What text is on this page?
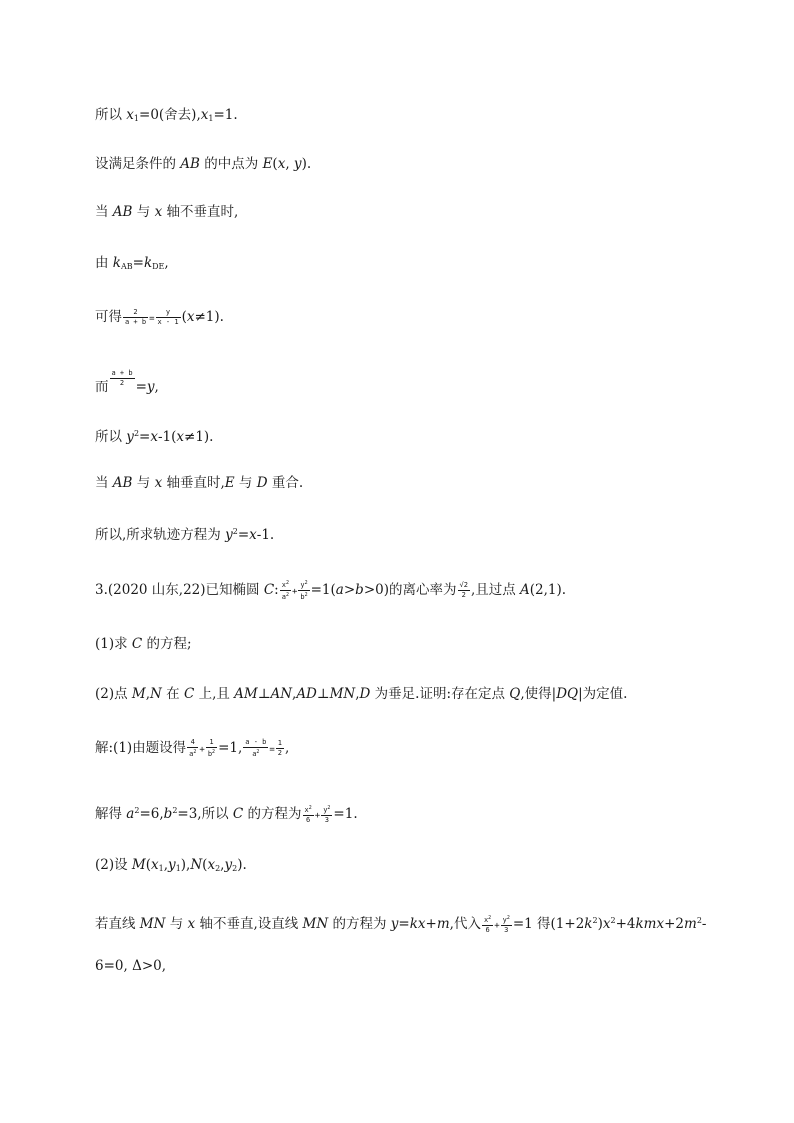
所以 $x_1=0$(舍去)$,x_1=1$.
设满足条件的 AB 的中点为 E(x, y).
当 AB 与 x 轴不垂直时,
由 $k_{AB}=k_{DE}$,
可得 $\frac{2}{a + b} = \frac{y}{x - 1} (x\ne 1)$.
而 $\frac{a + b}{2} =y$,
所以 $y^2=x-1(x\ne 1)$.
当 AB 与 x 轴垂直时,E 与 D 重合.
所以,所求轨迹方程为 $y^2=x-1$.
3.(2020 山东,22)已知椭圆 C: $\frac{x^2}{a^2} + \frac{y^2}{b^2} =1(a>b>0)$的离心率为 $\frac{√2}{2}$ ,且过点 A(2,1).
(1)求 C 的方程;
(2)点 M,N 在 C 上,且 AM⊥AN,AD⊥MN,D 为垂足.证明:存在定点 Q,使得|DQ|为定值.
解:(1)由题设得 $\frac{4}{a^2} + \frac{1}{b^2} =1$, $\frac{a - b}{a^2} = \frac{1}{2}$ ,
解得 $a^2=6,b^2=3$,所以 C 的方程为 $\frac{x^2}{6} + \frac{y^2}{3} =1$.
(2)设 $M(x_1,y_1),N(x_2,y_2)$.
若直线 MN 与 x 轴不垂直,设直线 MN 的方程为 y=kx+m,代入 $\frac{x^2}{6} + \frac{y^2}{3} =1$ 得$(1+2k^2)x^2+4kmx+2m^2-$
6=0, Δ>0,
